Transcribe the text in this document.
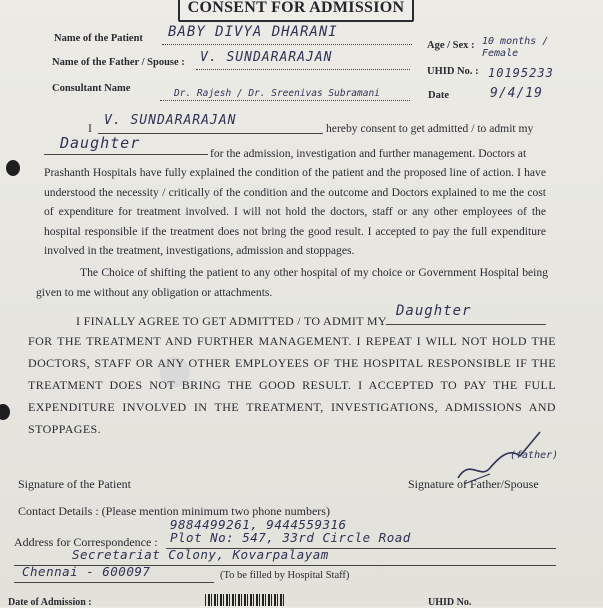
●
CONSENT FOR ADMISSION
Name of the Patient BABY DIVYA DHARANI
Name of the Father / Spouse : V. SUNDARARAJAN
Consultant Name	Dr. Rajesh / Dr. Sreenivas Subramani
Age / Sex : 10 months / Female
UHID No. : 10195233
Date	9/4/19
I V. SUNDARARAJAN
hereby consent to get admitted / to admit my
Daughter
for the admission, investigation and further management. Doctors at
Prashanth Hospitals have fully explained the condition of the patient and the proposed line of action. I have understood the necessity / critically of the condition and the outcome and Doctors explained to me the cost of expenditure for treatment involved. I will not hold the doctors, staff or any other employees of the hospital responsible if the treatment does not bring the good result. I accepted to pay the full expenditure involved in the treatment, investigations, admission and stoppages.
The Choice of shifting the patient to any other hospital of my choice or Government Hospital being given to me without any obligation or attachments.
I FINALLY AGREE TO GET ADMITTED / TO ADMIT MY
Daughter
FOR THE TREATMENT AND FURTHER MANAGEMENT. I REPEAT I WILL NOT HOLD THE DOCTORS, STAFF OR ANY OTHER EMPLOYEES OF THE HOSPITAL RESPONSIBLE IF THE TREATMENT DOES NOT BRING THE GOOD RESULT. I ACCEPTED TO PAY THE FULL EXPENDITURE INVOLVED IN THE TREATMENT, INVESTIGATIONS, ADMISSIONS AND STOPPAGES.
Signature of the Patient
(father)
Signature of Father/Spouse
Contact Details : (Please mention minimum two phone numbers)
9884499261, 9444559316
Address for Correspondence : Plot No: 547, 33rd Circle Road
Secretariat Colony, Kovarpalayam
Chennai - 600097	(To be filled by Hospital Staff)
Date of Admission :	UHID No.
